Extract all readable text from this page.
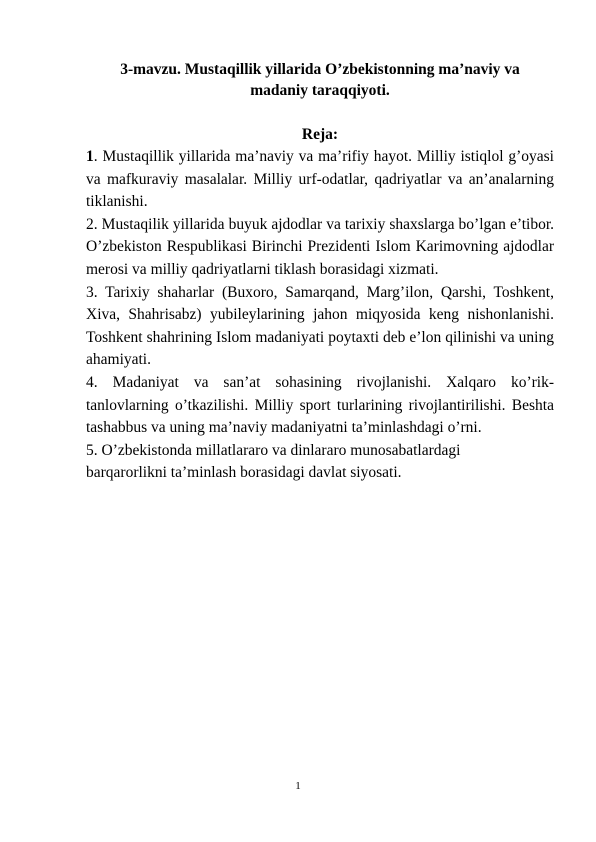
3-mavzu. Mustaqillik yillarida O’zbekistonning ma’naviy va
madaniy taraqqiyoti.
Reja:

1. Mustaqillik yillarida ma’naviy va ma’rifiy hayot. Milliy istiqlol g’oyasi va mafkuraviy masalalar. Milliy urf-odatlar, qadriyatlar va an’analarning tiklanishi.

2. Mustaqilik yillarida buyuk ajdodlar va tarixiy shaxslarga bo’lgan e’tibor. O’zbekiston Respublikasi Birinchi Prezidenti Islom Karimovning ajdodlar merosi va milliy qadriyatlarni tiklash borasidagi xizmati.

3. Tarixiy shaharlar (Buxoro, Samarqand, Marg’ilon, Qarshi, Toshkent, Xiva, Shahrisabz) yubileylarining jahon miqyosida keng nishonlanishi. Toshkent shahrining Islom madaniyati poytaxti deb e’lon qilinishi va uning ahamiyati.

4. Madaniyat va san’at sohasining rivojlanishi. Xalqaro ko’rik-tanlovlarning o’tkazilishi. Milliy sport turlarining rivojlantirilishi. Beshta tashabbus va uning ma’naviy madaniyatni ta’minlashdagi o’rni.

5. O’zbekistonda millatlararo va dinlararo munosabatlardagi
barqarorlikni ta’minlash borasidagi davlat siyosati.

1
